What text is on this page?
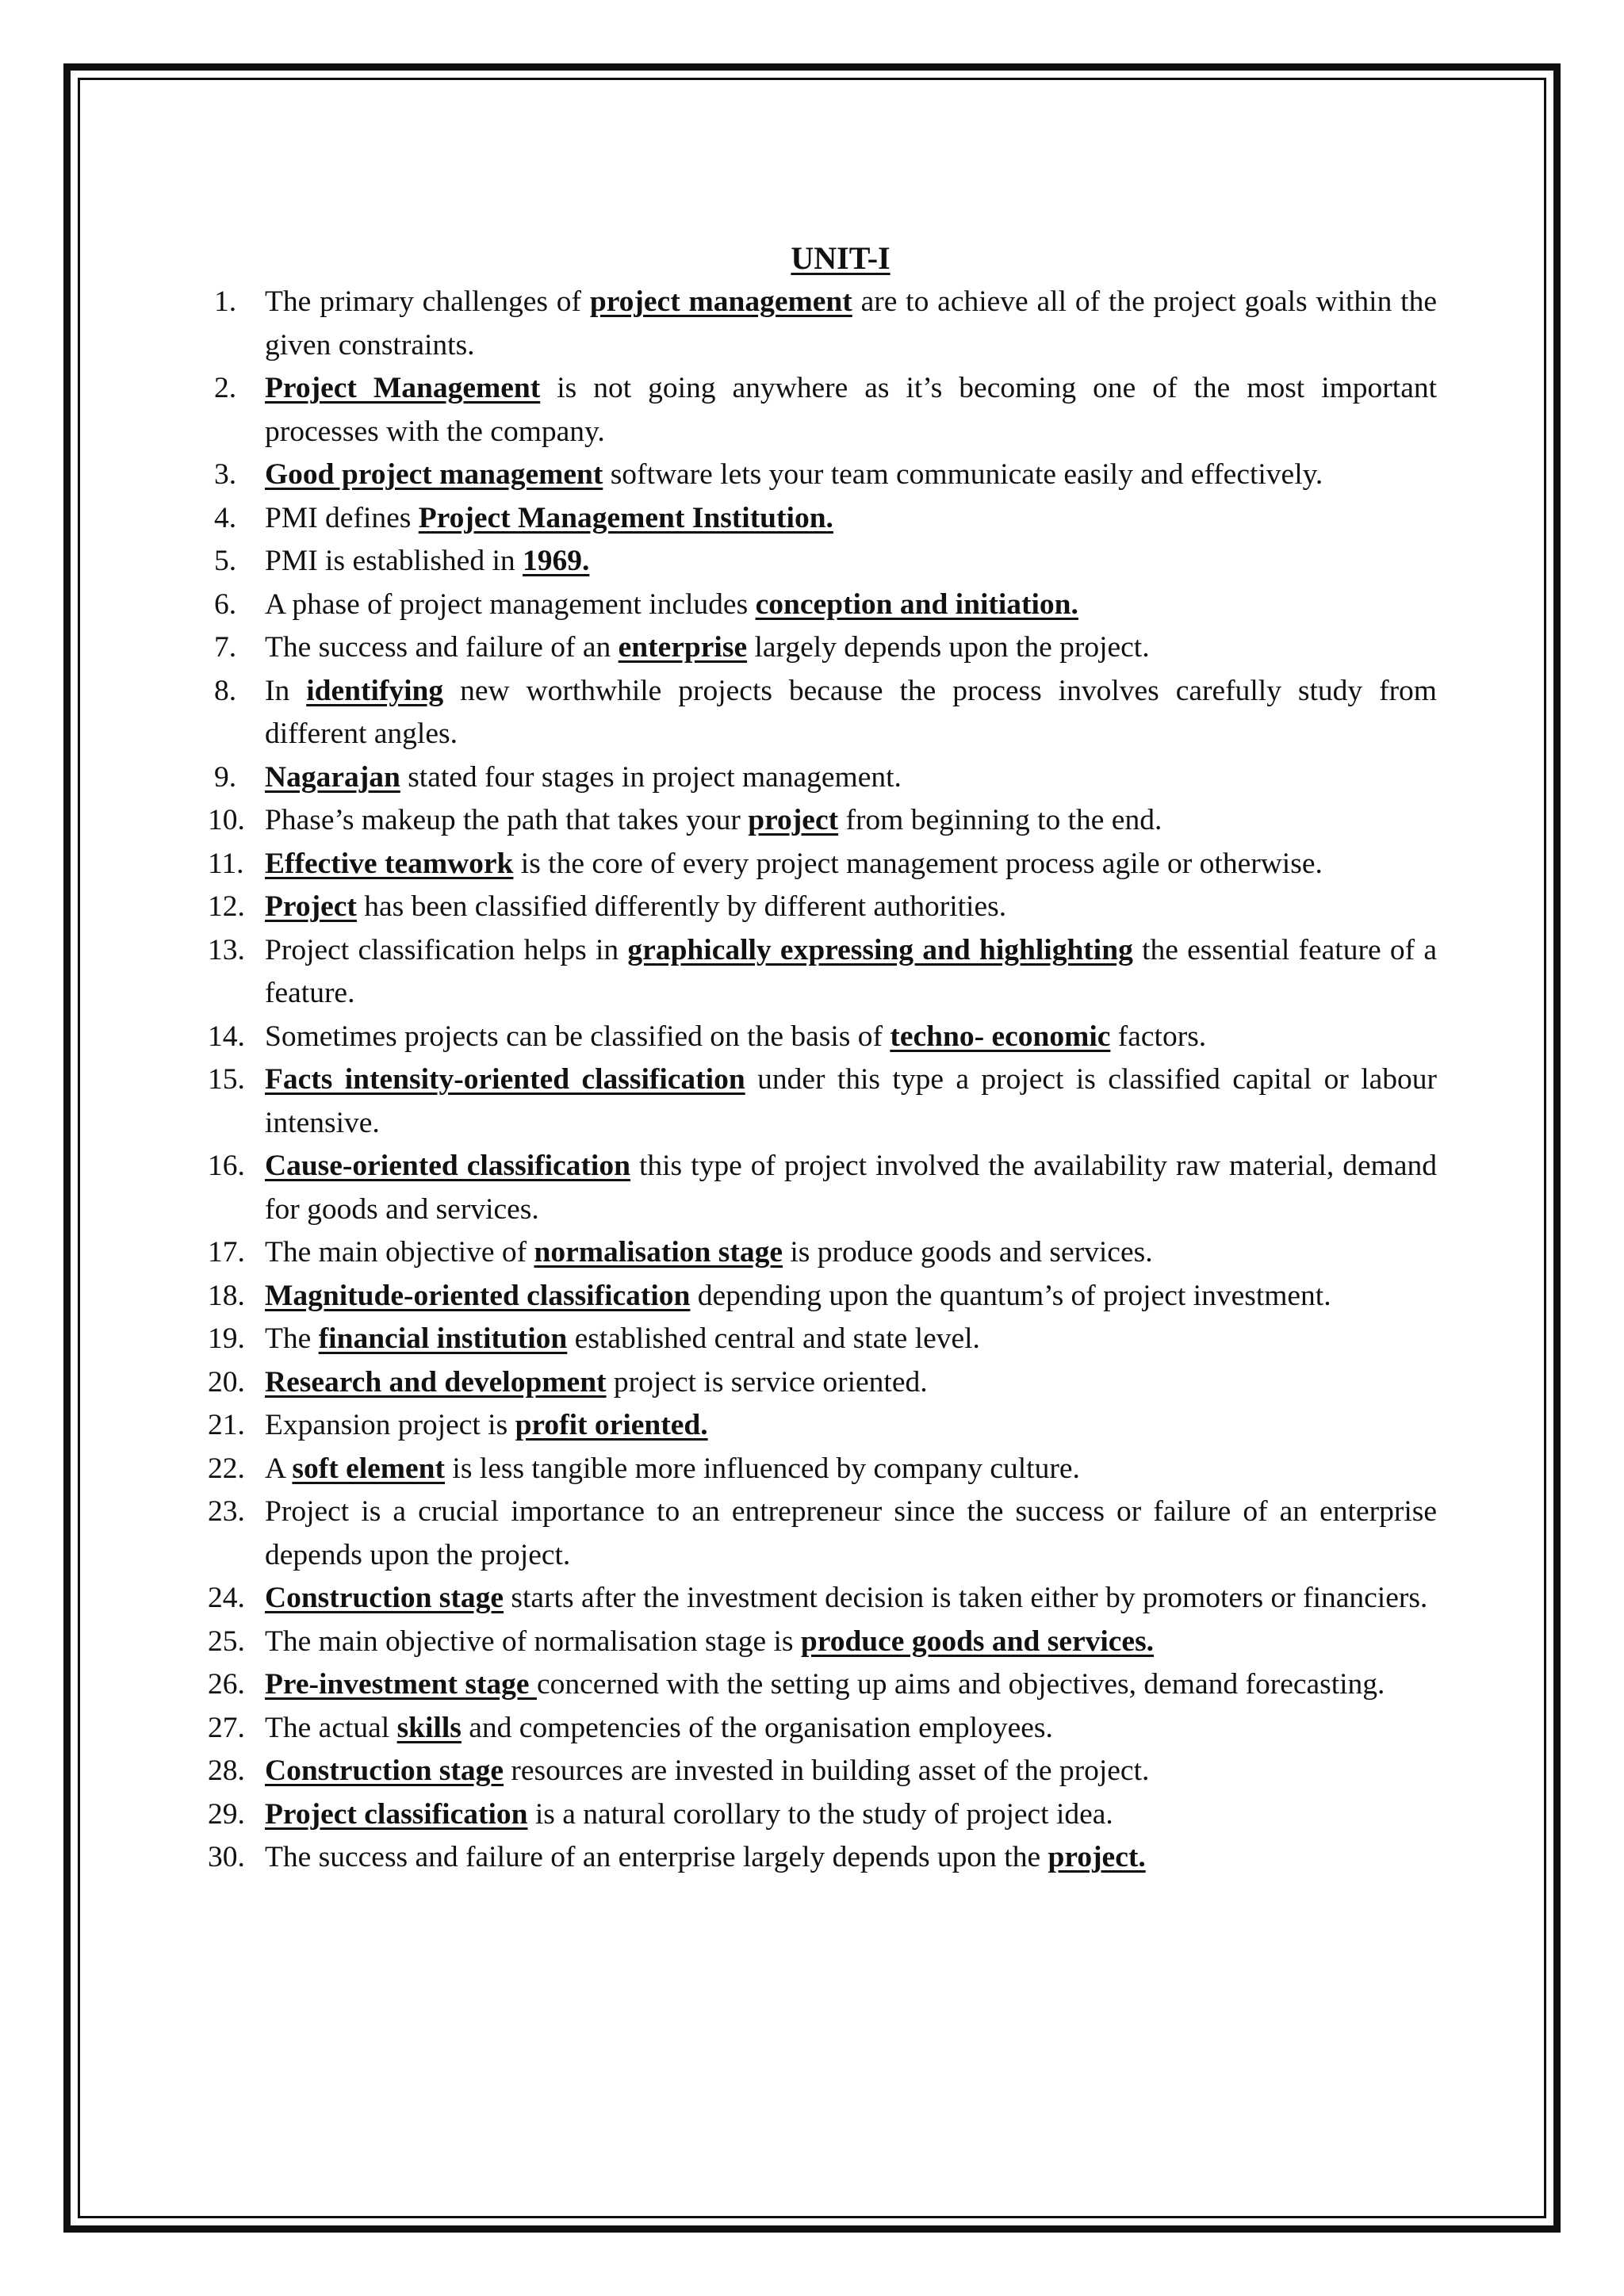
UNIT-I
1. The primary challenges of project management are to achieve all of the project goals within the given constraints.
2. Project Management is not going anywhere as it’s becoming one of the most important processes with the company.
3. Good project management software lets your team communicate easily and effectively.
4. PMI defines Project Management Institution.
5. PMI is established in 1969.
6. A phase of project management includes conception and initiation.
7. The success and failure of an enterprise largely depends upon the project.
8. In identifying new worthwhile projects because the process involves carefully study from different angles.
9. Nagarajan stated four stages in project management.
10. Phase’s makeup the path that takes your project from beginning to the end.
11. Effective teamwork is the core of every project management process agile or otherwise.
12. Project has been classified differently by different authorities.
13. Project classification helps in graphically expressing and highlighting the essential feature of a feature.
14. Sometimes projects can be classified on the basis of techno- economic factors.
15. Facts intensity-oriented classification under this type a project is classified capital or labour intensive.
16. Cause-oriented classification this type of project involved the availability raw material, demand for goods and services.
17. The main objective of normalisation stage is produce goods and services.
18. Magnitude-oriented classification depending upon the quantum’s of project investment.
19. The financial institution established central and state level.
20. Research and development project is service oriented.
21. Expansion project is profit oriented.
22. A soft element is less tangible more influenced by company culture.
23. Project is a crucial importance to an entrepreneur since the success or failure of an enterprise depends upon the project.
24. Construction stage starts after the investment decision is taken either by promoters or financiers.
25. The main objective of normalisation stage is produce goods and services.
26. Pre-investment stage concerned with the setting up aims and objectives, demand forecasting.
27. The actual skills and competencies of the organisation employees.
28. Construction stage resources are invested in building asset of the project.
29. Project classification is a natural corollary to the study of project idea.
30. The success and failure of an enterprise largely depends upon the project.
